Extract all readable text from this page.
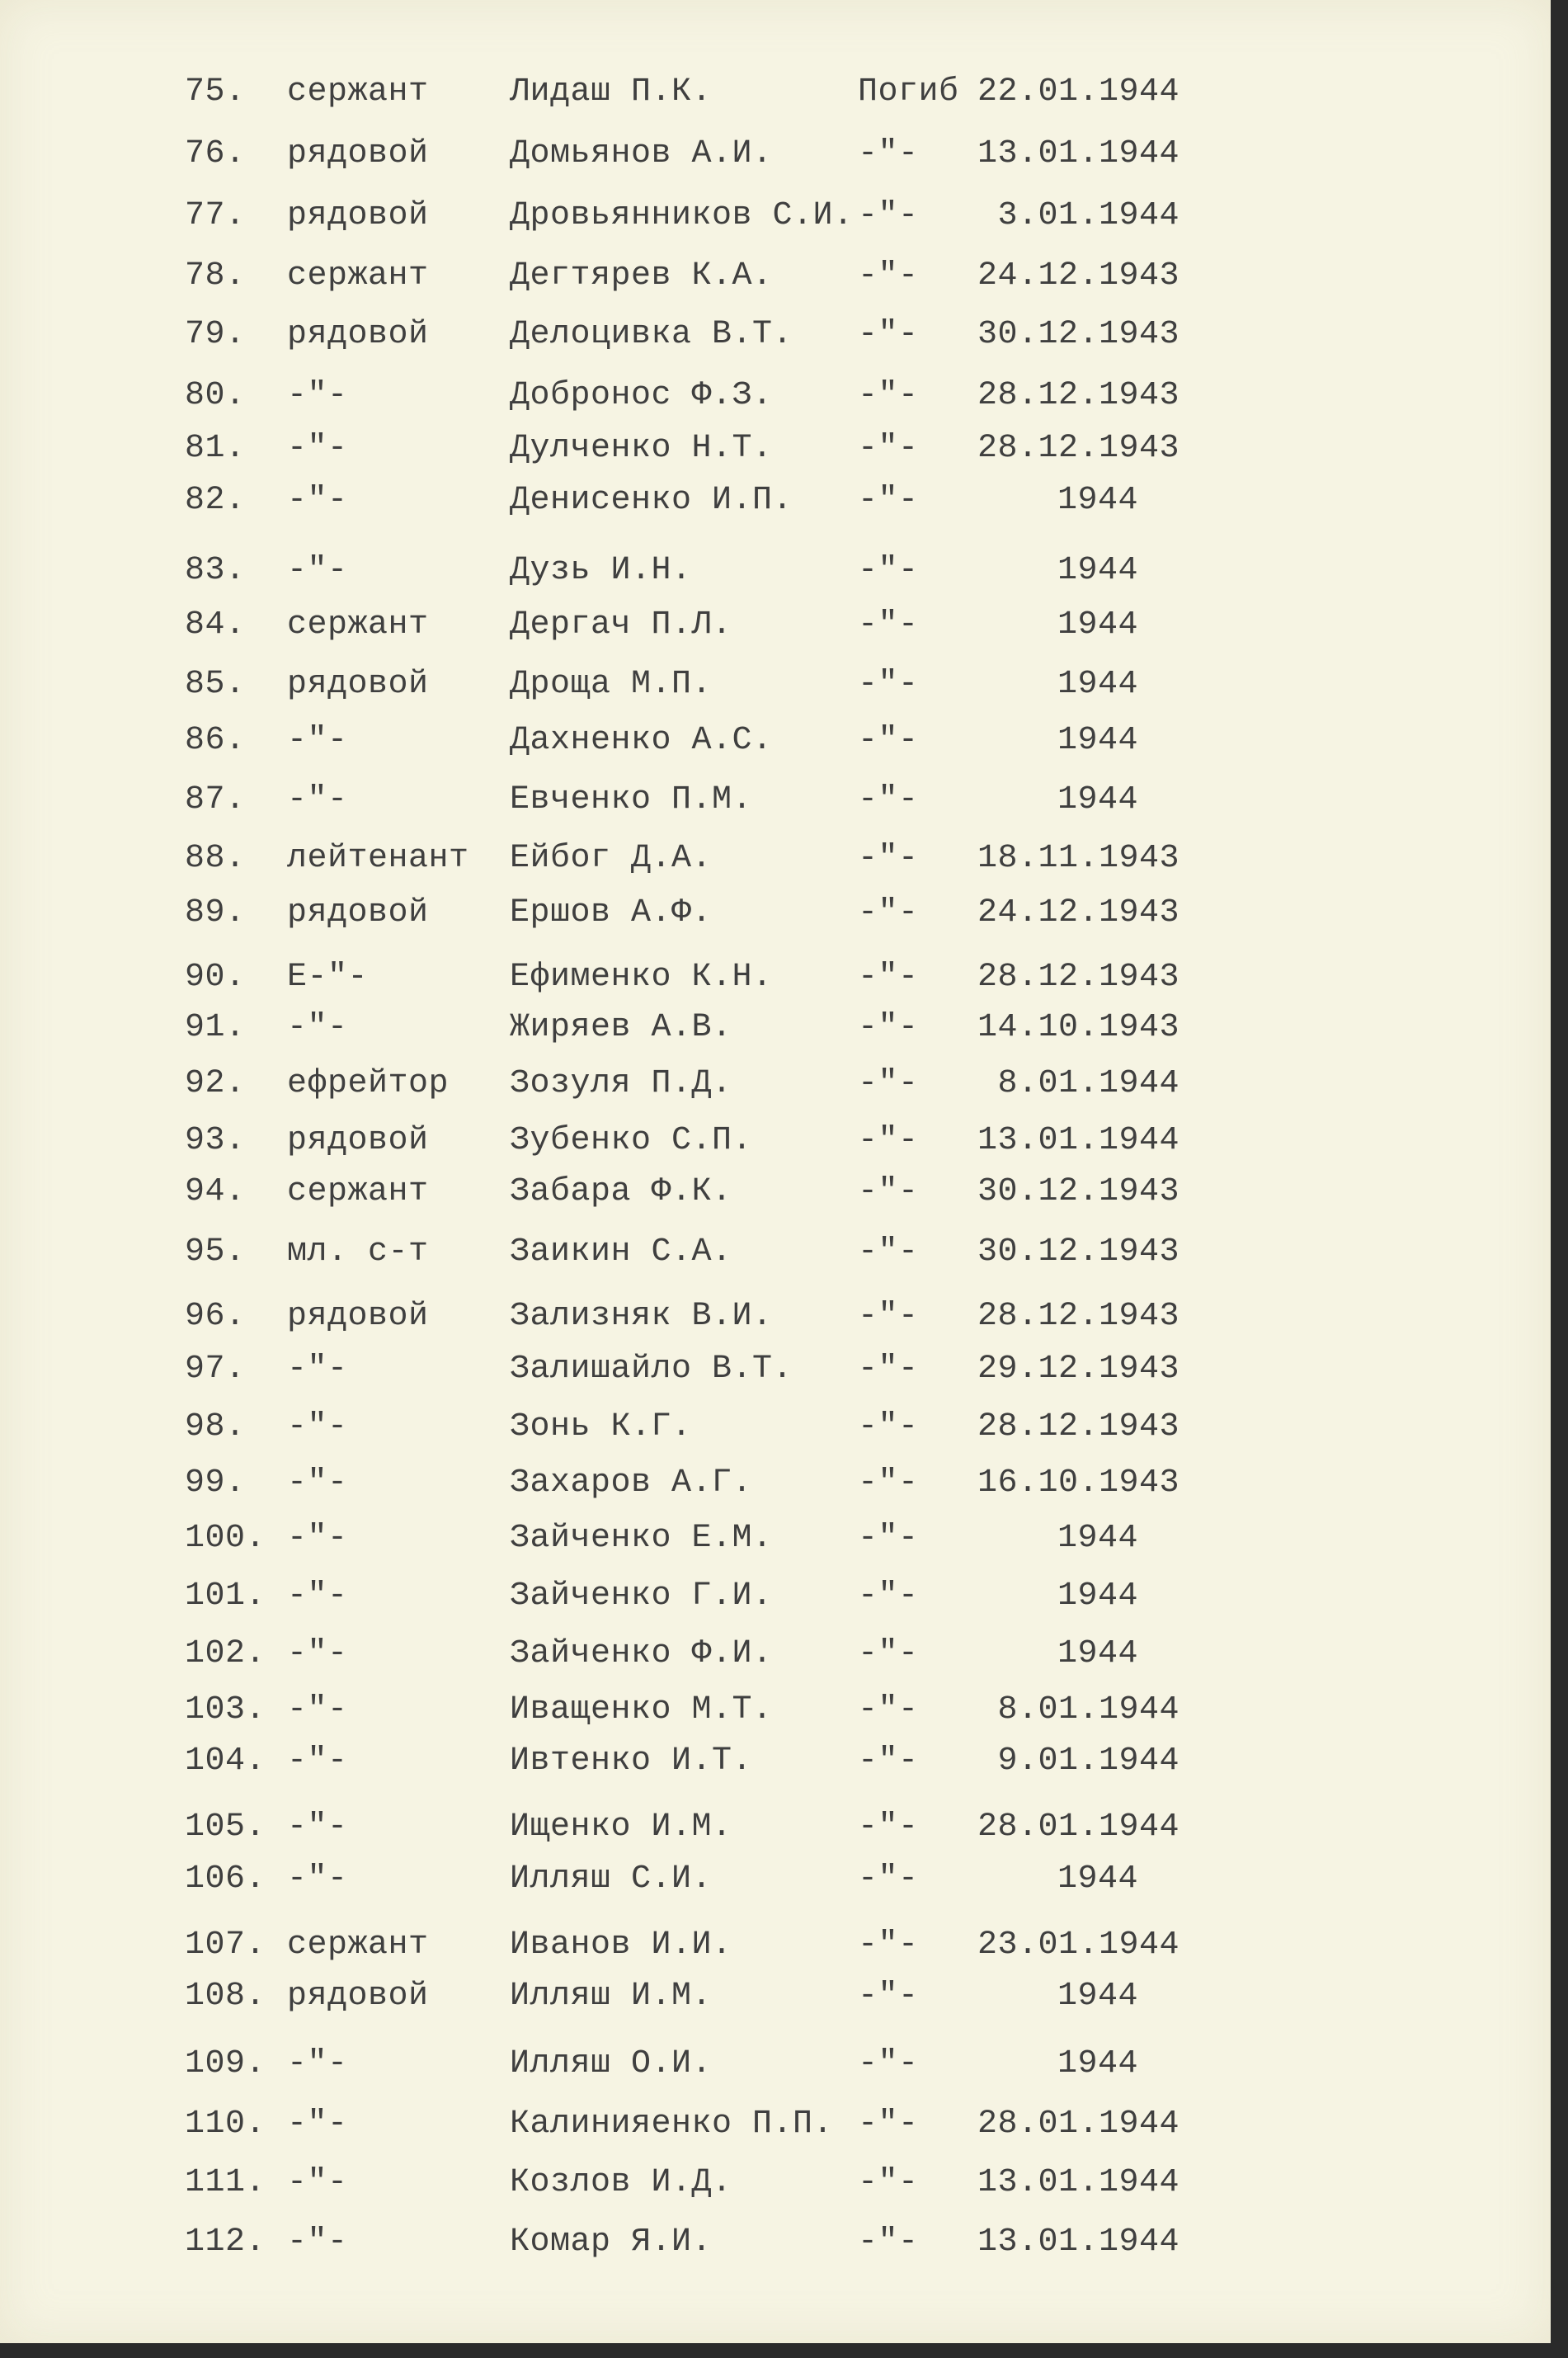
75. сержант Лидаш П.К.	Погиб 22.01.1944
76. рядовой Домьянов А.И.	-"- 13.01.1944
77. рядовой Дровьянников С.И. -"- 3.01.1944
78. сержант Дегтярев К.А.	-"- 24.12.1943
79. рядовой Делоцивка В.Т. -"- 30.12.1943
80. -"-	Доброноc Ф.З.	-"- 28.12.1943
81. -"-	Дулченко Н.Т.	-"- 28.12.1943
82. -"-	Денисенко И.П. -"-	1944
83. -"-	Дузь И.Н.	-"-	1944
84. сержант Дергач П.Л.	-"-	1944
85. рядовой Дроща М.П.	-"-	1944
86. -"-	Дахненко А.С.	-"-	1944
87. -"-	Евченко П.М.	-"-	1944
88. лейтенант Ейбог Д.А.	-"- 18.11.1943
89. рядовой Ершов А.Ф.	-"- 24.12.1943
90. Е-"-	Ефименко К.Н.	-"- 28.12.1943
91. -"-	Жиряев А.В.	-"- 14.10.1943
92. ефрейтор Зозуля П.Д.	-"- 8.01.1944
93. рядовой Зубенко С.П.	-"- 13.01.1944
94. сержант Забара Ф.К.	-"- 30.12.1943
95. мл. с-т Заикин С.А.	-"- 30.12.1943
96. рядовой Зализняк В.И.	-"- 28.12.1943
97. -"-	Залишайло В.Т. -"- 29.12.1943
98. -"-	Зонь К.Г.	-"- 28.12.1943
99. -"-	Захаров А.Г.	-"- 16.10.1943
100. -"-	Зайченко Е.М.	-"-	1944
101. -"-	Зайченко Г.И.	-"-	1944
102. -"-	Зайченко Ф.И.	-"-	1944
103. -"-	Иващенко М.Т.	-"- 8.01.1944
104. -"-	Ивтенко И.Т.	-"- 9.01.1944
105. -"-	Ищенко И.М.	-"- 28.01.1944
106. -"-	Илляш С.И.	-"-	1944
107. сержант Иванов И.И.	-"- 23.01.1944
108. рядовой Илляш И.М.	-"-	1944
109. -"-	Илляш О.И.	-"-	1944
110. -"-	Калинияенко П.П. -"- 28.01.1944
111. -"-	Козлов И.Д.	-"- 13.01.1944
112. -"-	Комар Я.И.	-"- 13.01.1944
